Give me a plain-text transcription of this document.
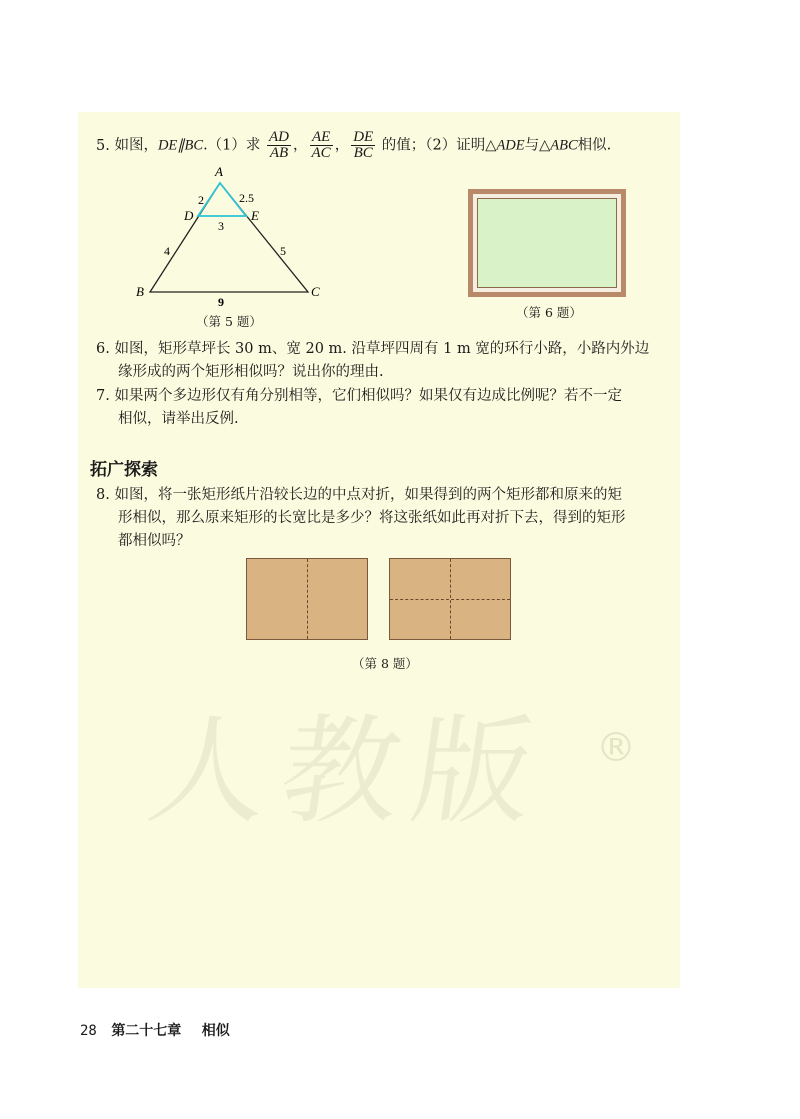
5. 如图，DE∥BC.（1）求 $\frac{AD}{AB}$ ， $\frac{AE}{AC}$ ， $\frac{DE}{BC}$ 的值；（2）证明△ADE与△ABC相似.
A
D	E
B	C
2	2.5
3
4	5
9
（第 5 题）
（第 6 题）
6. 如图，矩形草坪长 30 m、宽 20 m. 沿草坪四周有 1 m 宽的环行小路，小路内外边
缘形成的两个矩形相似吗？说出你的理由.
7. 如果两个多边形仅有角分别相等，它们相似吗？如果仅有边成比例呢？若不一定
相似，请举出反例.
拓广探索
8. 如图，将一张矩形纸片沿较长边的中点对折，如果得到的两个矩形都和原来的矩
形相似，那么原来矩形的长宽比是多少？将这张纸如此再对折下去，得到的矩形
都相似吗？
（第 8 题）
人教版 ®
28 第二十七章 相似
